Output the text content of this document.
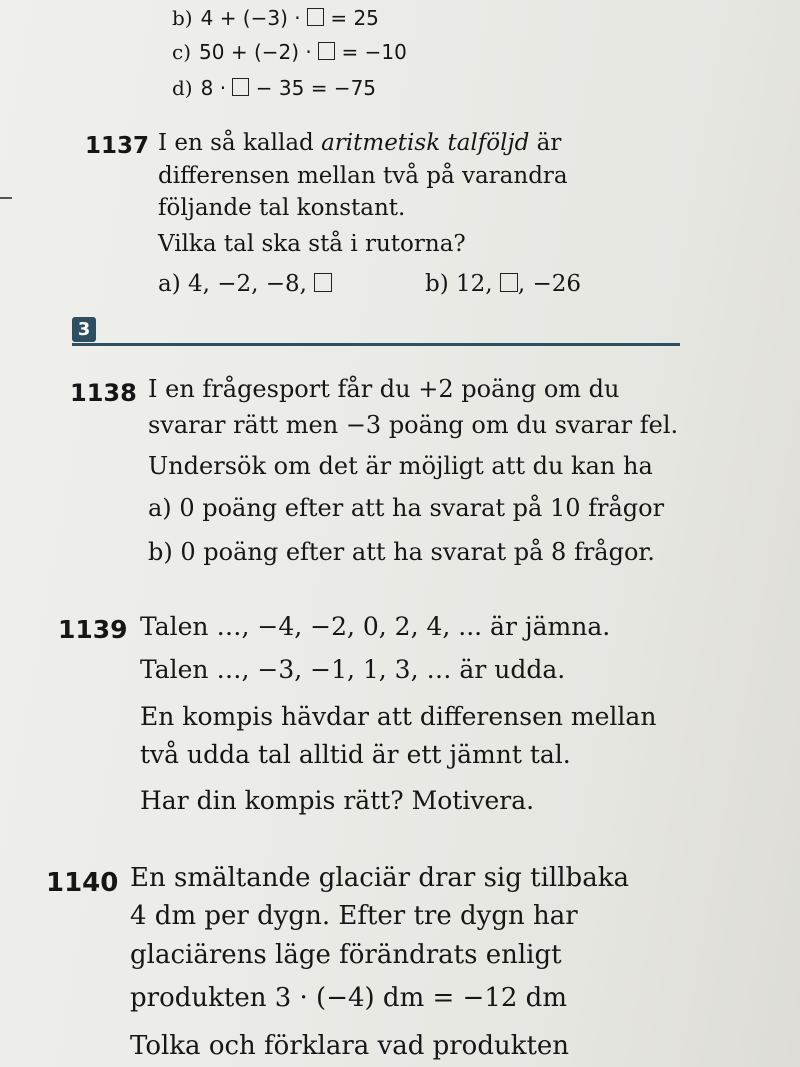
b) 4 + (−3) · = 25
c) 50 + (−2) · = −10
d) 8 · − 35 = −75
1137 I en så kallad aritmetisk talföljd är
differensen mellan två på varandra
följande tal konstant.
Vilka tal ska stå i rutorna?
a) 4, −2, −8,	b) 12, , −26
3
1138 I en frågesport får du +2 poäng om du
svarar rätt men −3 poäng om du svarar fel.
Undersök om det är möjligt att du kan ha
a) 0 poäng efter att ha svarat på 10 frågor
b) 0 poäng efter att ha svarat på 8 frågor.
1139 Talen …, −4, −2, 0, 2, 4, ... är jämna.
Talen …, −3, −1, 1, 3, … är udda.
En kompis hävdar att differensen mellan
två udda tal alltid är ett jämnt tal.
Har din kompis rätt? Motivera.
1140 En smältande glaciär drar sig tillbaka
4 dm per dygn. Efter tre dygn har
glaciärens läge förändrats enligt
produkten 3 · (−4) dm = −12 dm
Tolka och förklara vad produkten
